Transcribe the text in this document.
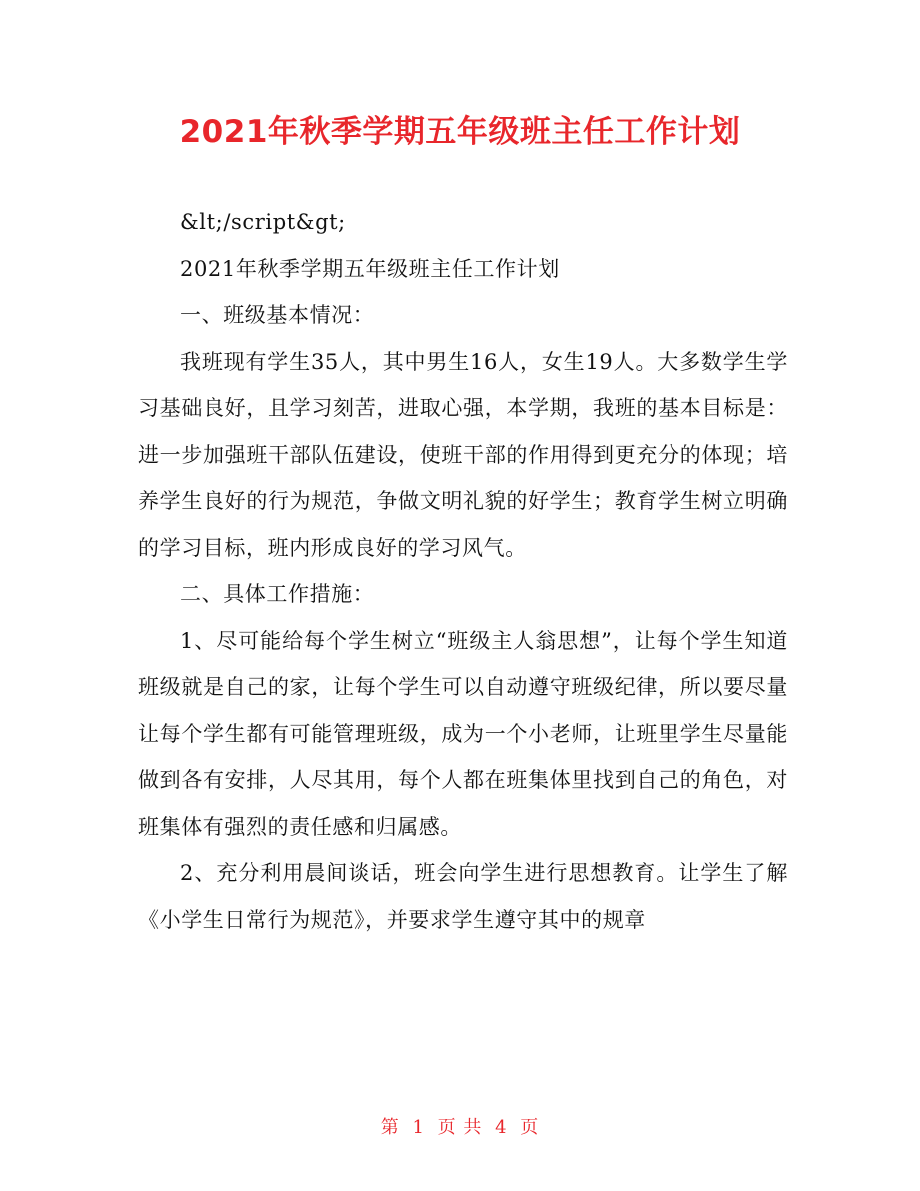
2021年秋季学期五年级班主任工作计划

&lt;/script&gt;

2021年秋季学期五年级班主任工作计划

一、班级基本情况：

我班现有学生35人，其中男生16人，女生19人。大多数学生学习基础良好，且学习刻苦，进取心强，本学期，我班的基本目标是：进一步加强班干部队伍建设，使班干部的作用得到更充分的体现；培养学生良好的行为规范，争做文明礼貌的好学生；教育学生树立明确的学习目标，班内形成良好的学习风气。

二、具体工作措施：

1、尽可能给每个学生树立“班级主人翁思想”，让每个学生知道班级就是自己的家，让每个学生可以自动遵守班级纪律，所以要尽量让每个学生都有可能管理班级，成为一个小老师，让班里学生尽量能做到各有安排，人尽其用，每个人都在班集体里找到自己的角色，对班集体有强烈的责任感和归属感。

2、充分利用晨间谈话，班会向学生进行思想教育。让学生了解《小学生日常行为规范》，并要求学生遵守其中的规章

第 1 页 共 4 页
